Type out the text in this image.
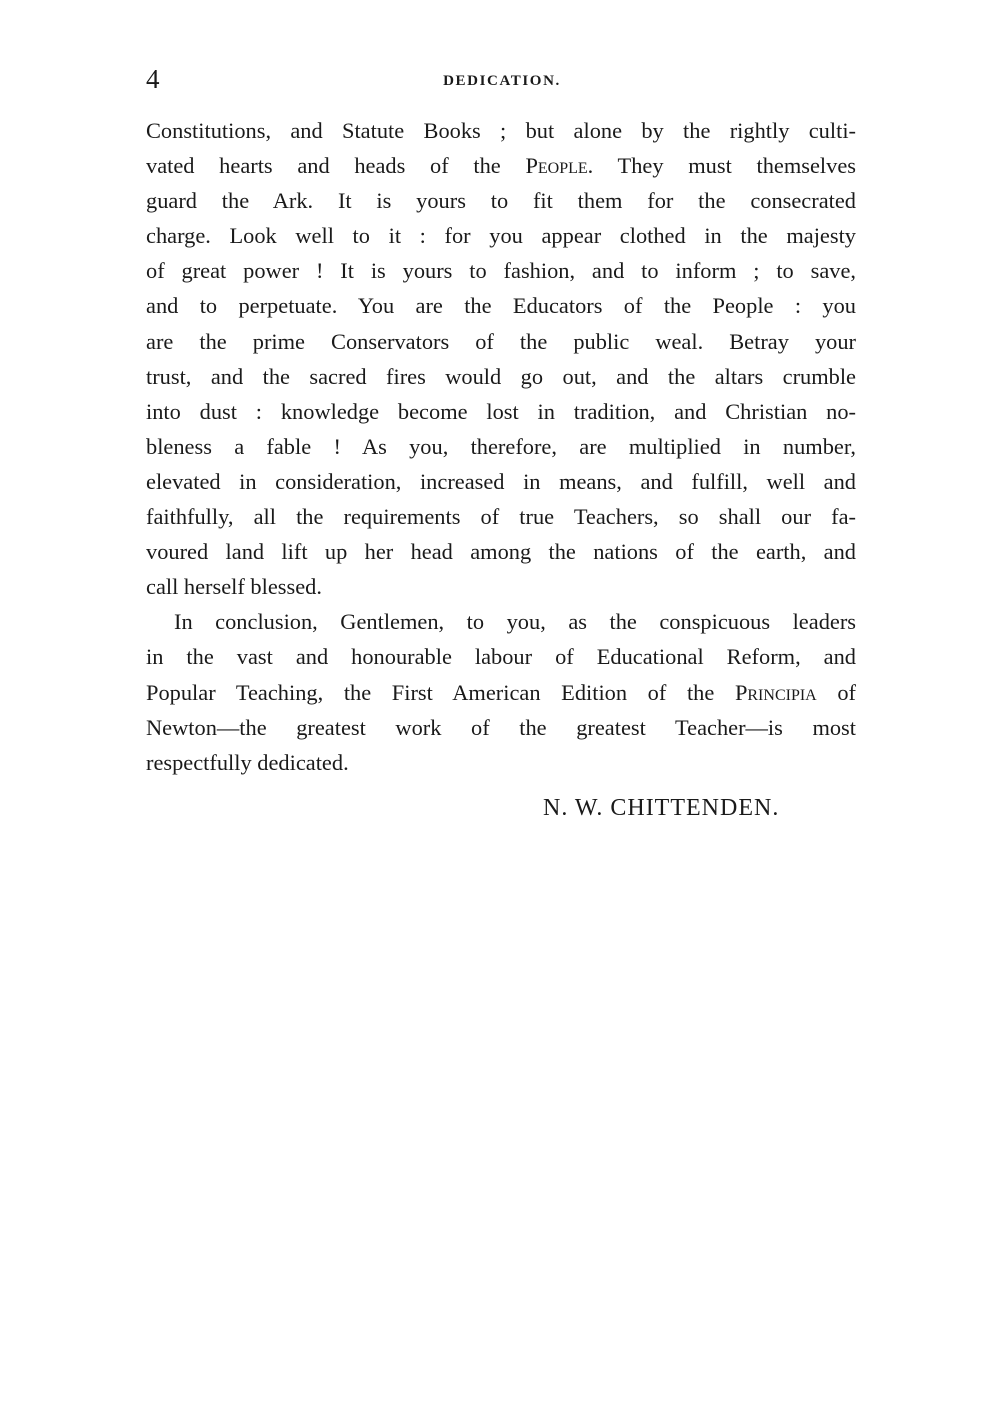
4	DEDICATION.
Constitutions, and Statute Books ; but alone by the rightly culti-
vated hearts and heads of the People. They must themselves
guard the Ark. It is yours to fit them for the consecrated
charge. Look well to it : for you appear clothed in the majesty
of great power ! It is yours to fashion, and to inform ; to save,
and to perpetuate. You are the Educators of the People : you
are the prime Conservators of the public weal. Betray your
trust, and the sacred fires would go out, and the altars crumble
into dust : knowledge become lost in tradition, and Christian no-
bleness a fable ! As you, therefore, are multiplied in number,
elevated in consideration, increased in means, and fulfill, well and
faithfully, all the requirements of true Teachers, so shall our fa-
voured land lift up her head among the nations of the earth, and
call herself blessed.
In conclusion, Gentlemen, to you, as the conspicuous leaders
in the vast and honourable labour of Educational Reform, and
Popular Teaching, the First American Edition of the Principia of
Newton—the greatest work of the greatest Teacher—is most
respectfully dedicated.
N. W. CHITTENDEN.
